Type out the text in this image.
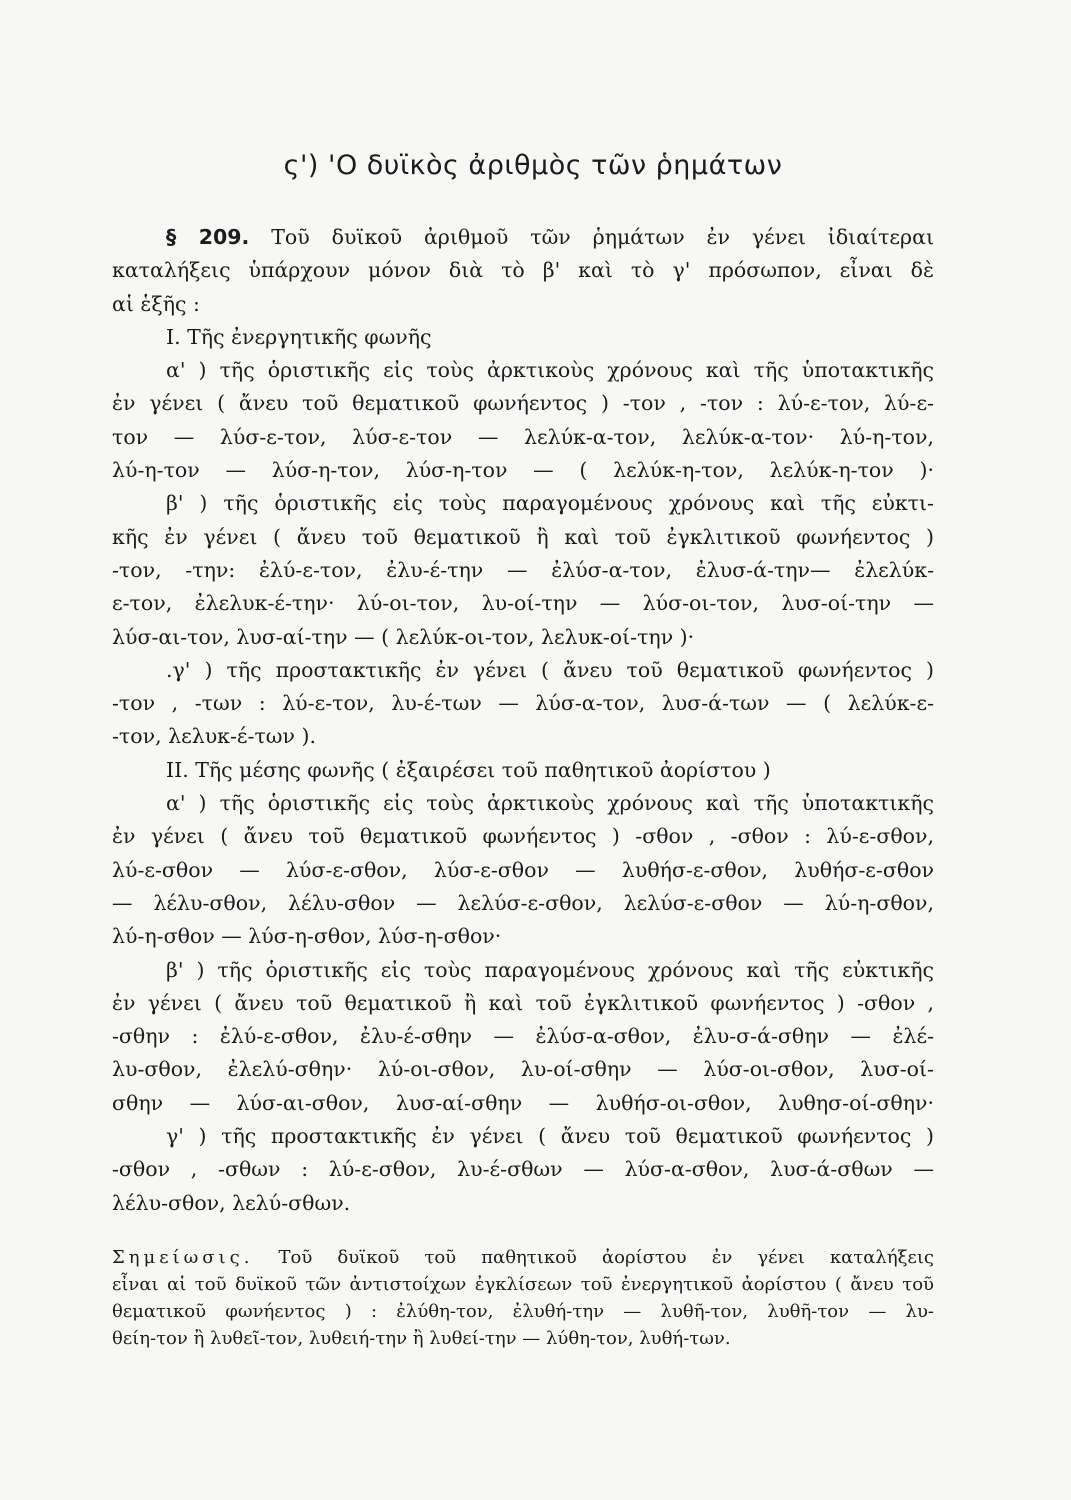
ς') 'Ο δυϊκὸς ἀριθμὸς τῶν ῥημάτων

§ 209. Τοῦ δυϊκοῦ ἀριθμοῦ τῶν ῥημάτων ἐν γένει ἰδιαίτεραι

καταλήξεις ὑπάρχουν μόνον διὰ τὸ β' καὶ τὸ γ' πρόσωπον, εἶναι δὲ

αἱ ἑξῆς :

I. Τῆς ἐνεργητικῆς φωνῆς

α' ) τῆς ὁριστικῆς εἰς τοὺς ἀρκτικοὺς χρόνους καὶ τῆς ὑποτακτικῆς

ἐν γένει ( ἄνευ τοῦ θεματικοῦ φωνήεντος ) -τον , -τον : λύ-ε-τον, λύ-ε-

τον — λύσ-ε-τον, λύσ-ε-τον — λελύκ-α-τον, λελύκ-α-τον· λύ-η-τον,

λύ-η-τον — λύσ-η-τον, λύσ-η-τον — ( λελύκ-η-τον, λελύκ-η-τον )·

β' ) τῆς ὁριστικῆς εἰς τοὺς παραγομένους χρόνους καὶ τῆς εὐκτι-

κῆς ἐν γένει ( ἄνευ τοῦ θεματικοῦ ἢ καὶ τοῦ ἐγκλιτικοῦ φωνήεντος )

-τον, -την: ἐλύ-ε-τον, ἐλυ-έ-την — ἐλύσ-α-τον, ἐλυσ-ά-την— ἐλελύκ-

ε-τον, ἐλελυκ-έ-την· λύ-οι-τον, λυ-οί-την — λύσ-οι-τον, λυσ-οί-την —

λύσ-αι-τον, λυσ-αί-την — ( λελύκ-οι-τον, λελυκ-οί-την )·

.γ' ) τῆς προστακτικῆς ἐν γένει ( ἄνευ τοῦ θεματικοῦ φωνήεντος )

-τον , -των : λύ-ε-τον, λυ-έ-των — λύσ-α-τον, λυσ-ά-των — ( λελύκ-ε-

-τον, λελυκ-έ-των ).

II. Τῆς μέσης φωνῆς ( ἐξαιρέσει τοῦ παθητικοῦ ἀορίστου )

α' ) τῆς ὁριστικῆς εἰς τοὺς ἀρκτικοὺς χρόνους καὶ τῆς ὑποτακτικῆς

ἐν γένει ( ἄνευ τοῦ θεματικοῦ φωνήεντος ) -σθον , -σθον : λύ-ε-σθον,

λύ-ε-σθον — λύσ-ε-σθον, λύσ-ε-σθον — λυθήσ-ε-σθον, λυθήσ-ε-σθον

— λέλυ-σθον, λέλυ-σθον — λελύσ-ε-σθον, λελύσ-ε-σθον — λύ-η-σθον,

λύ-η-σθον — λύσ-η-σθον, λύσ-η-σθον·

β' ) τῆς ὁριστικῆς εἰς τοὺς παραγομένους χρόνους καὶ τῆς εὐκτικῆς

ἐν γένει ( ἄνευ τοῦ θεματικοῦ ἢ καὶ τοῦ ἐγκλιτικοῦ φωνήεντος ) -σθον ,

-σθην : ἐλύ-ε-σθον, ἐλυ-έ-σθην — ἐλύσ-α-σθον, ἐλυ-σ-ά-σθην — ἐλέ-

λυ-σθον, ἐλελύ-σθην· λύ-οι-σθον, λυ-οί-σθην — λύσ-οι-σθον, λυσ-οί-

σθην — λύσ-αι-σθον, λυσ-αί-σθην — λυθήσ-οι-σθον, λυθησ-οί-σθην·

γ' ) τῆς προστακτικῆς ἐν γένει ( ἄνευ τοῦ θεματικοῦ φωνήεντος )

-σθον , -σθων : λύ-ε-σθον, λυ-έ-σθων — λύσ-α-σθον, λυσ-ά-σθων —

λέλυ-σθον, λελύ-σθων.

Σημείωσις. Τοῦ δυϊκοῦ τοῦ παθητικοῦ ἀορίστου ἐν γένει καταλήξεις

εἶναι αἱ τοῦ δυϊκοῦ τῶν ἀντιστοίχων ἐγκλίσεων τοῦ ἐνεργητικοῦ ἀορίστου ( ἄνευ τοῦ

θεματικοῦ φωνήεντος ) : ἐλύθη-τον, ἐλυθή-την — λυθῆ-τον, λυθῆ-τον — λυ-

θείη-τον ἢ λυθεῖ-τον, λυθειή-την ἢ λυθεί-την — λύθη-τον, λυθή-των.
